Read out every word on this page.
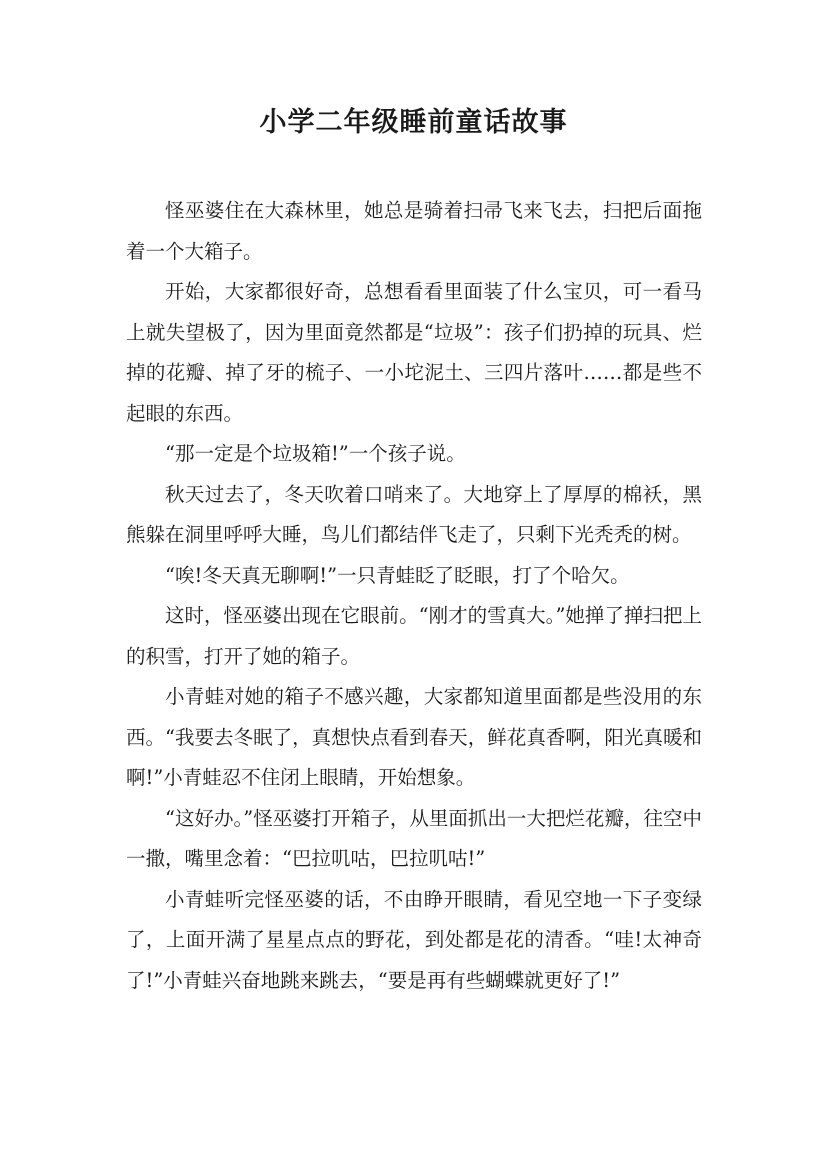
小学二年级睡前童话故事

怪巫婆住在大森林里，她总是骑着扫帚飞来飞去，扫把后面拖着一个大箱子。

开始，大家都很好奇，总想看看里面装了什么宝贝，可一看马上就失望极了，因为里面竟然都是“垃圾”：孩子们扔掉的玩具、烂掉的花瓣、掉了牙的梳子、一小坨泥土、三四片落叶……都是些不起眼的东西。

“那一定是个垃圾箱!”一个孩子说。

秋天过去了，冬天吹着口哨来了。大地穿上了厚厚的棉袄，黑熊躲在洞里呼呼大睡，鸟儿们都结伴飞走了，只剩下光秃秃的树。

“唉!冬天真无聊啊!”一只青蛙眨了眨眼，打了个哈欠。

这时，怪巫婆出现在它眼前。“刚才的雪真大。”她掸了掸扫把上的积雪，打开了她的箱子。

小青蛙对她的箱子不感兴趣，大家都知道里面都是些没用的东西。“我要去冬眠了，真想快点看到春天，鲜花真香啊，阳光真暖和啊!”小青蛙忍不住闭上眼睛，开始想象。

“这好办。”怪巫婆打开箱子，从里面抓出一大把烂花瓣，往空中一撒，嘴里念着：“巴拉叽咕，巴拉叽咕!”

小青蛙听完怪巫婆的话，不由睁开眼睛，看见空地一下子变绿了，上面开满了星星点点的野花，到处都是花的清香。“哇!太神奇了!”小青蛙兴奋地跳来跳去，“要是再有些蝴蝶就更好了!”
